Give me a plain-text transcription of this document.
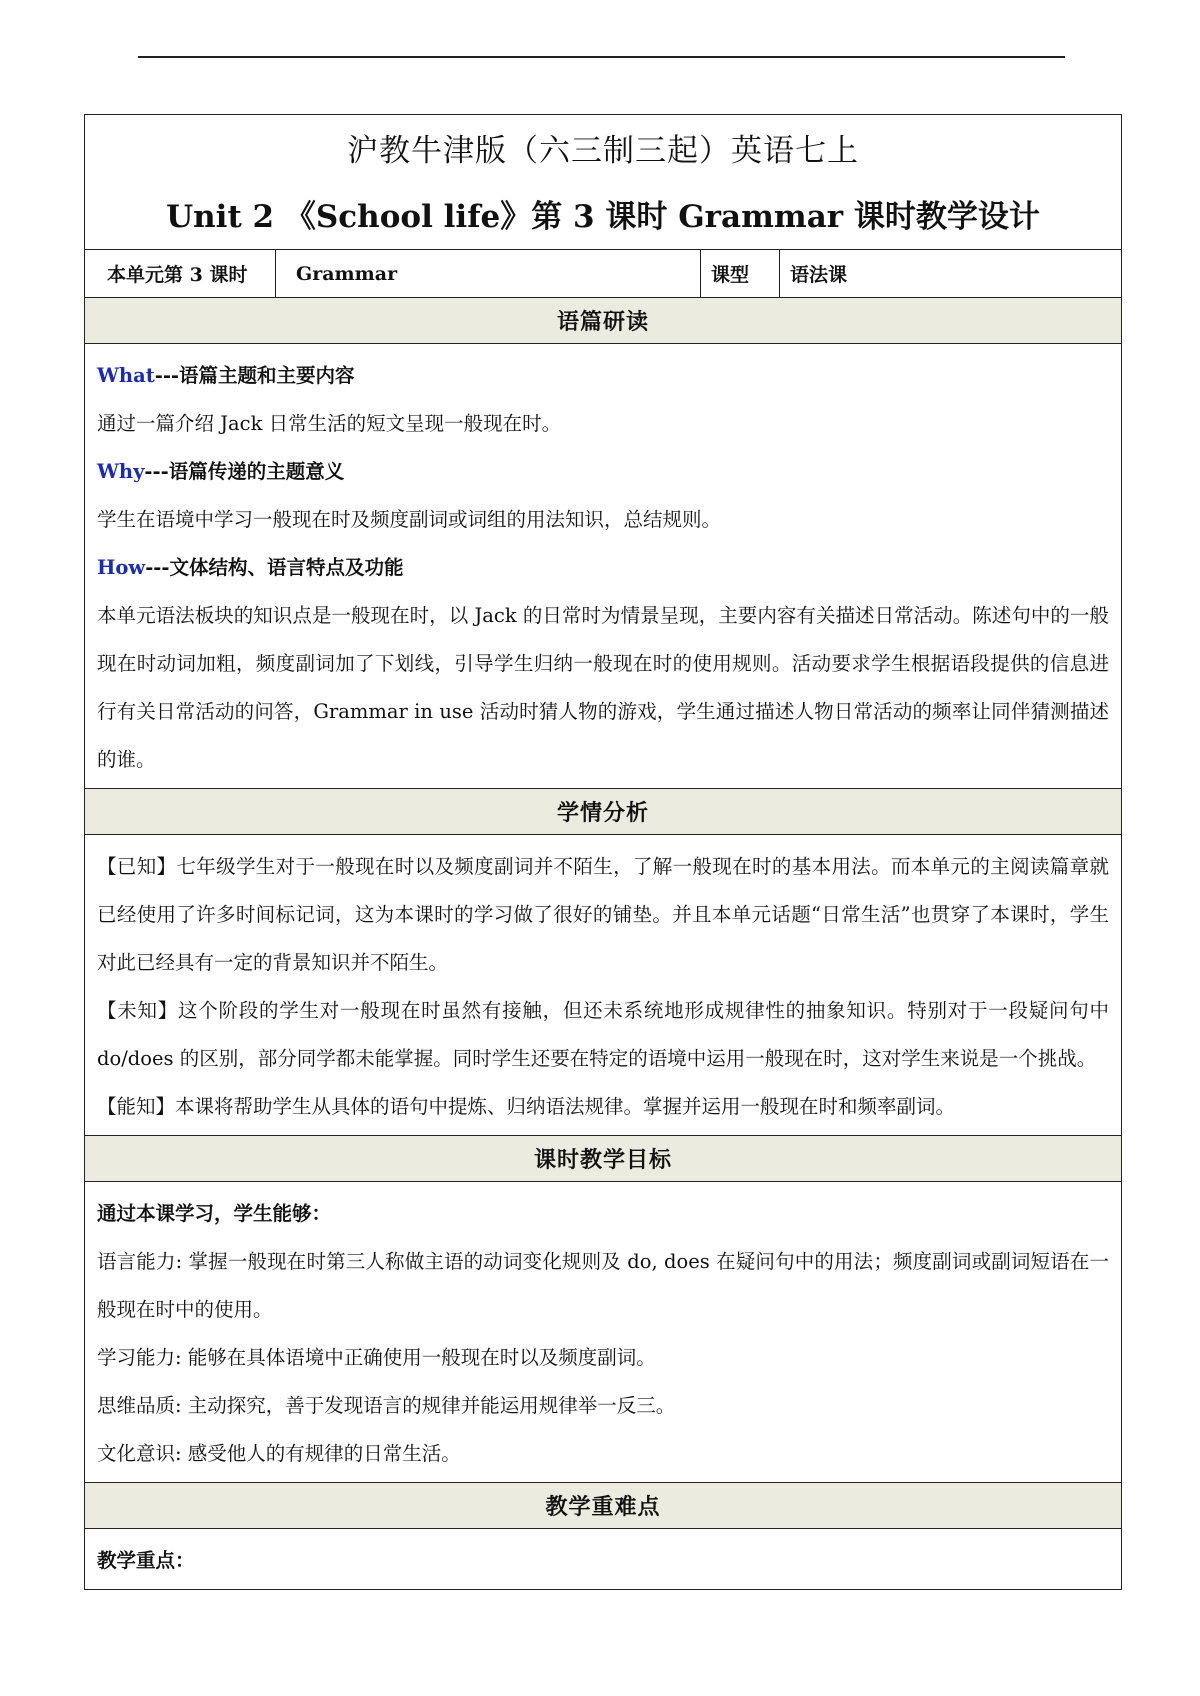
沪教牛津版（六三制三起）英语七上
Unit 2 《School life》第 3 课时 Grammar 课时教学设计

本单元第 3 课时	Grammar	课型	语法课
语篇研读

What---语篇主题和主要内容

通过一篇介绍 Jack 日常生活的短文呈现一般现在时。

Why---语篇传递的主题意义

学生在语境中学习一般现在时及频度副词或词组的用法知识，总结规则。

How---文体结构、语言特点及功能

本单元语法板块的知识点是一般现在时，以 Jack 的日常时为情景呈现，主要内容有关描述日常活动。陈述句中的一般现在时动词加粗，频度副词加了下划线，引导学生归纳一般现在时的使用规则。活动要求学生根据语段提供的信息进行有关日常活动的问答，Grammar in use 活动时猜人物的游戏，学生通过描述人物日常活动的频率让同伴猜测描述的谁。

学情分析

【已知】七年级学生对于一般现在时以及频度副词并不陌生，了解一般现在时的基本用法。而本单元的主阅读篇章就已经使用了许多时间标记词，这为本课时的学习做了很好的铺垫。并且本单元话题“日常生活”也贯穿了本课时，学生对此已经具有一定的背景知识并不陌生。

【未知】这个阶段的学生对一般现在时虽然有接触，但还未系统地形成规律性的抽象知识。特别对于一段疑问句中 do/does 的区别，部分同学都未能掌握。同时学生还要在特定的语境中运用一般现在时，这对学生来说是一个挑战。

【能知】本课将帮助学生从具体的语句中提炼、归纳语法规律。掌握并运用一般现在时和频率副词。

课时教学目标

通过本课学习，学生能够：

语言能力: 掌握一般现在时第三人称做主语的动词变化规则及 do, does 在疑问句中的用法；频度副词或副词短语在一般现在时中的使用。

学习能力: 能够在具体语境中正确使用一般现在时以及频度副词。

思维品质: 主动探究，善于发现语言的规律并能运用规律举一反三。

文化意识: 感受他人的有规律的日常生活。

教学重难点

教学重点：
